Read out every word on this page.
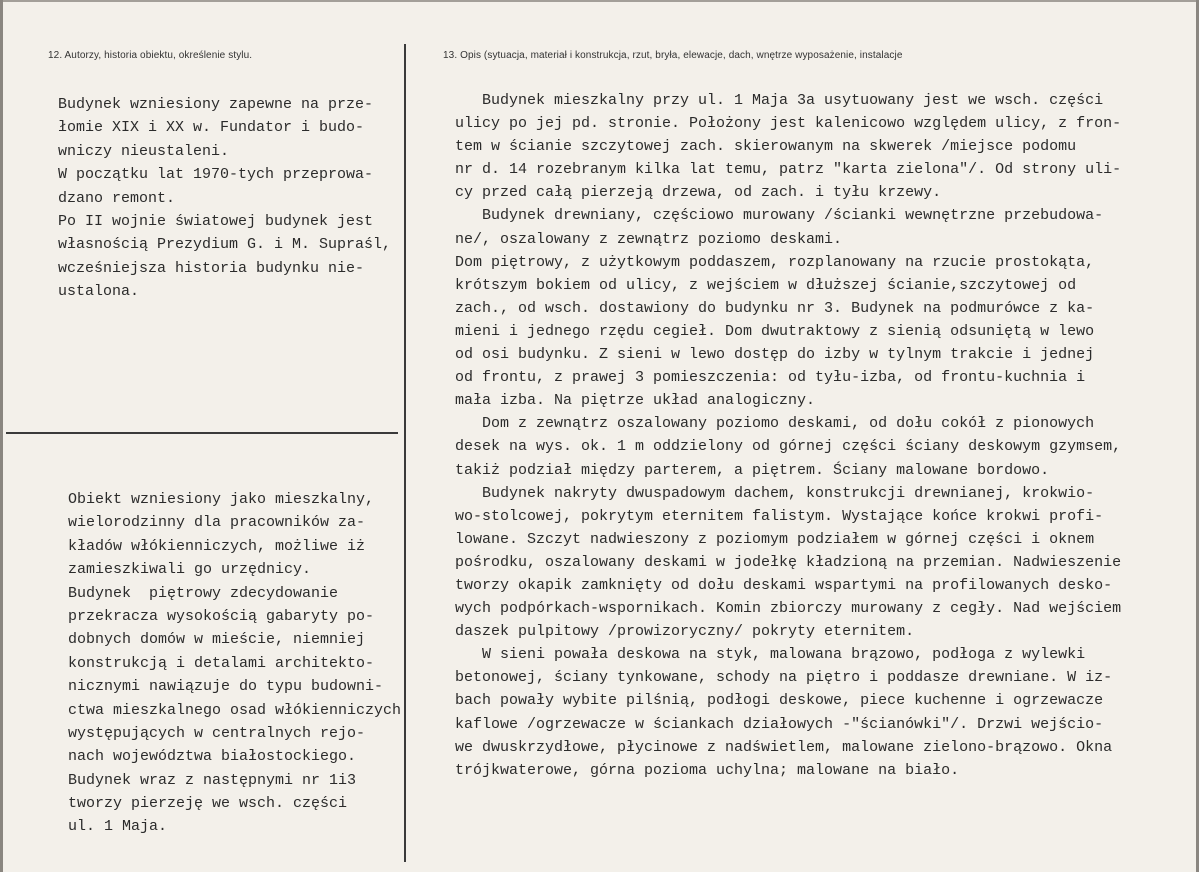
12. Autorzy, historia obiektu, określenie stylu.	13. Opis (sytuacja, materiał i konstrukcja, rzut, bryła, elewacje, dach, wnętrze wyposażenie, instalacje
Budynek wzniesiony zapewne na prze-
łomie XIX i XX w. Fundator i budo-
wniczy nieustaleni.
W początku lat 1970-tych przeprowa-
dzano remont.
Po II wojnie światowej budynek jest
własnością Prezydium G. i M. Supraśl,
wcześniejsza historia budynku nie-
ustalona.
Obiekt wzniesiony jako mieszkalny,
wielorodzinny dla pracowników za-
kładów włókienniczych, możliwe iż
zamieszkiwali go urzędnicy.
Budynek  piętrowy zdecydowanie
przekracza wysokością gabaryty po-
dobnych domów w mieście, niemniej
konstrukcją i detalami architekto-
nicznymi nawiązuje do typu budowni-
ctwa mieszkalnego osad włókienniczych
występujących w centralnych rejo-
nach województwa białostockiego.
Budynek wraz z następnymi nr 1i3
tworzy pierzeję we wsch. części
ul. 1 Maja.
Budynek mieszkalny przy ul. 1 Maja 3a usytuowany jest we wsch. części
ulicy po jej pd. stronie. Położony jest kalenicowo względem ulicy, z fron-
tem w ścianie szczytowej zach. skierowanym na skwerek /miejsce podomu
nr d. 14 rozebranym kilka lat temu, patrz "karta zielona"/. Od strony uli-
cy przed całą pierzeją drzewa, od zach. i tyłu krzewy.
Budynek drewniany, częściowo murowany /ścianki wewnętrzne przebudowa-
ne/, oszalowany z zewnątrz poziomo deskami.
Dom piętrowy, z użytkowym poddaszem, rozplanowany na rzucie prostokąta,
krótszym bokiem od ulicy, z wejściem w dłuższej ścianie,szczytowej od
zach., od wsch. dostawiony do budynku nr 3. Budynek na podmurówce z ka-
mieni i jednego rzędu cegieł. Dom dwutraktowy z sienią odsuniętą w lewo
od osi budynku. Z sieni w lewo dostęp do izby w tylnym trakcie i jednej
od frontu, z prawej 3 pomieszczenia: od tyłu-izba, od frontu-kuchnia i
mała izba. Na piętrze układ analogiczny.
Dom z zewnątrz oszalowany poziomo deskami, od dołu cokół z pionowych
desek na wys. ok. 1 m oddzielony od górnej części ściany deskowym gzymsem,
takiż podział między parterem, a piętrem. Ściany malowane bordowo.
Budynek nakryty dwuspadowym dachem, konstrukcji drewnianej, krokwio-
wo-stolcowej, pokrytym eternitem falistym. Wystające końce krokwi profi-
lowane. Szczyt nadwieszony z poziomym podziałem w górnej części i oknem
pośrodku, oszalowany deskami w jodełkę kładzioną na przemian. Nadwieszenie
tworzy okapik zamknięty od dołu deskami wspartymi na profilowanych desko-
wych podpórkach-wspornikach. Komin zbiorczy murowany z cegły. Nad wejściem
daszek pulpitowy /prowizoryczny/ pokryty eternitem.
W sieni powała deskowa na styk, malowana brązowo, podłoga z wylewki
betonowej, ściany tynkowane, schody na piętro i poddasze drewniane. W iz-
bach powały wybite pilśnią, podłogi deskowe, piece kuchenne i ogrzewacze
kaflowe /ogrzewacze w ściankach działowych -"ścianówki"/. Drzwi wejścio-
we dwuskrzydłowe, płycinowe z nadświetlem, malowane zielono-brązowo. Okna
trójkwaterowe, górna pozioma uchylna; malowane na biało.
